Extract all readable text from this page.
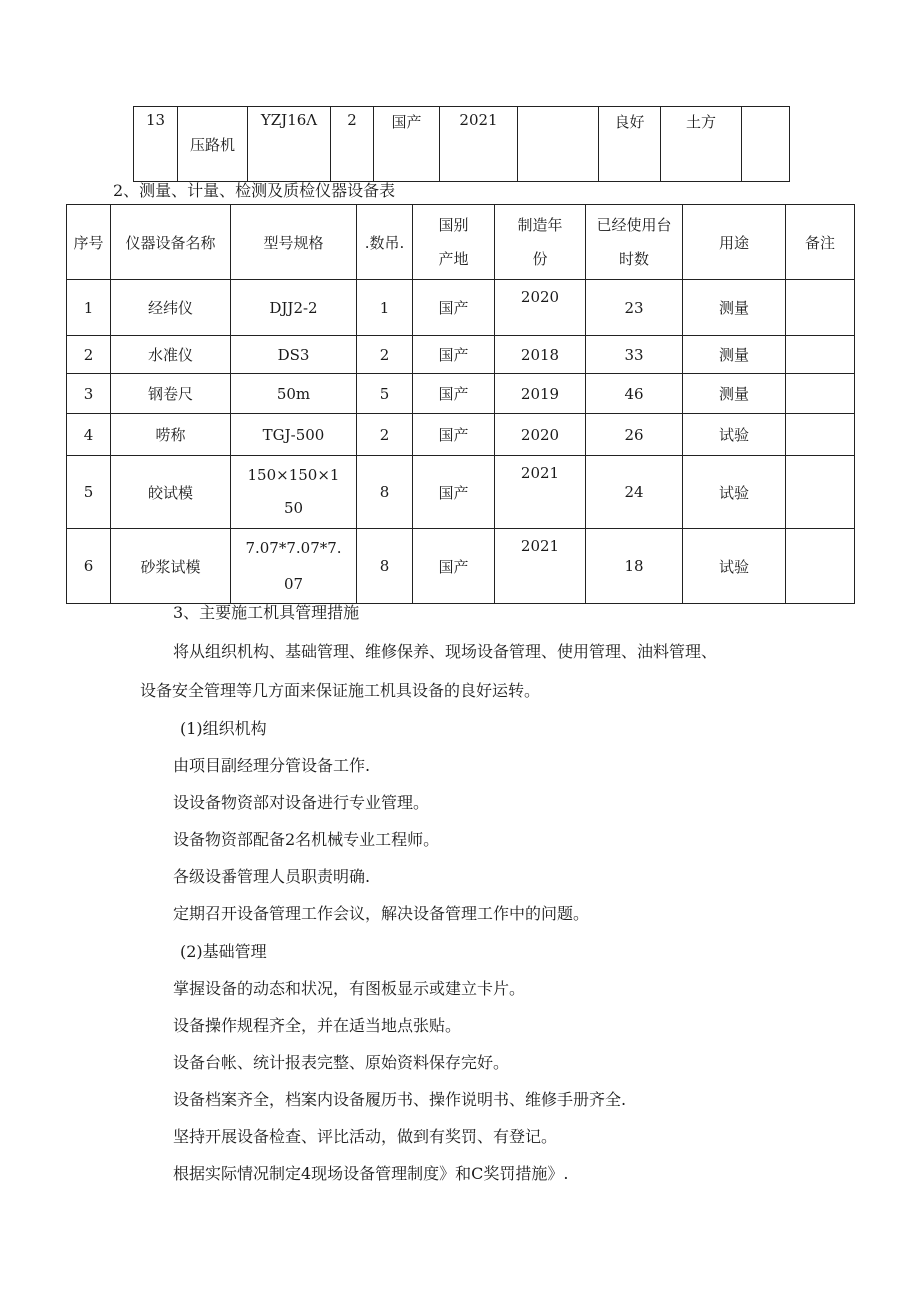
13	压路机	YZJ16Λ	2	国产	2021		良好	土方	
2、测量、计量、检测及质检仪器设备表
序号	仪器设备名称	型号规格	.数吊.	国别产地	制造年份	已经使用台时数	用途	备注
1	经纬仪	DJJ2-2	1	国产	2020	23	测量	
2	水准仪	DS3	2	国产	2018	33	测量	
3	钢卷尺	50m	5	国产	2019	46	测量	
4	唠称	TGJ-500	2	国产	2020	26	试验	
5	皎试模	150×150×150	8	国产	2021	24	试验	
6	砂浆试模	7.07*7.07*7.07	8	国产	2021	18	试验	
3、主要施工机具管理措施
将从组织机构、基础管理、维修保养、现场设备管理、使用管理、油料管理、
设备安全管理等几方面来保证施工机具设备的良好运转。
(1)组织机构
由项目副经理分管设备工作.
设设备物资部对设备进行专业管理。
设备物资部配备2名机械专业工程师。
各级设番管理人员职责明确.
定期召开设备管理工作会议，解决设备管理工作中的问题。
(2)基础管理
掌握设备的动态和状况，有图板显示或建立卡片。
设备操作规程齐全，并在适当地点张贴。
设备台帐、统计报表完整、原始资料保存完好。
设备档案齐全，档案内设备履历书、操作说明书、维修手册齐全.
坚持开展设备检查、评比活动，做到有奖罚、有登记。
根据实际情况制定4现场设备管理制度》和C奖罚措施》.
